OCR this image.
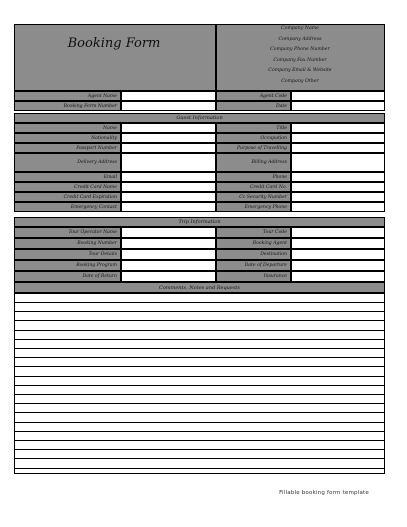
Booking Form
Company Name
Company Address
Company Phone Number
Company Fax Number
Company Email & Website
Company Other
Agent Name	Agent Code
Booking Form Number	Date
Guest Information
Name	Title
Nationality	Occupation
Passport Number	Purpose of Travelling
Delivery Address	Billing Address
Email	Phone
Credit Card Name	Credit Card No.
Credit Card Expiration	Cc Security Number
Emergency Contact	Emergency Phone
Trip Information
Tour Operator Name	Tour Code
Booking Number	Booking Agent
Tour Details	Destination
Booking Program	Date of Departure
Date of Return	Insurance
Comments, Notes and Requests
Fillable booking form template
